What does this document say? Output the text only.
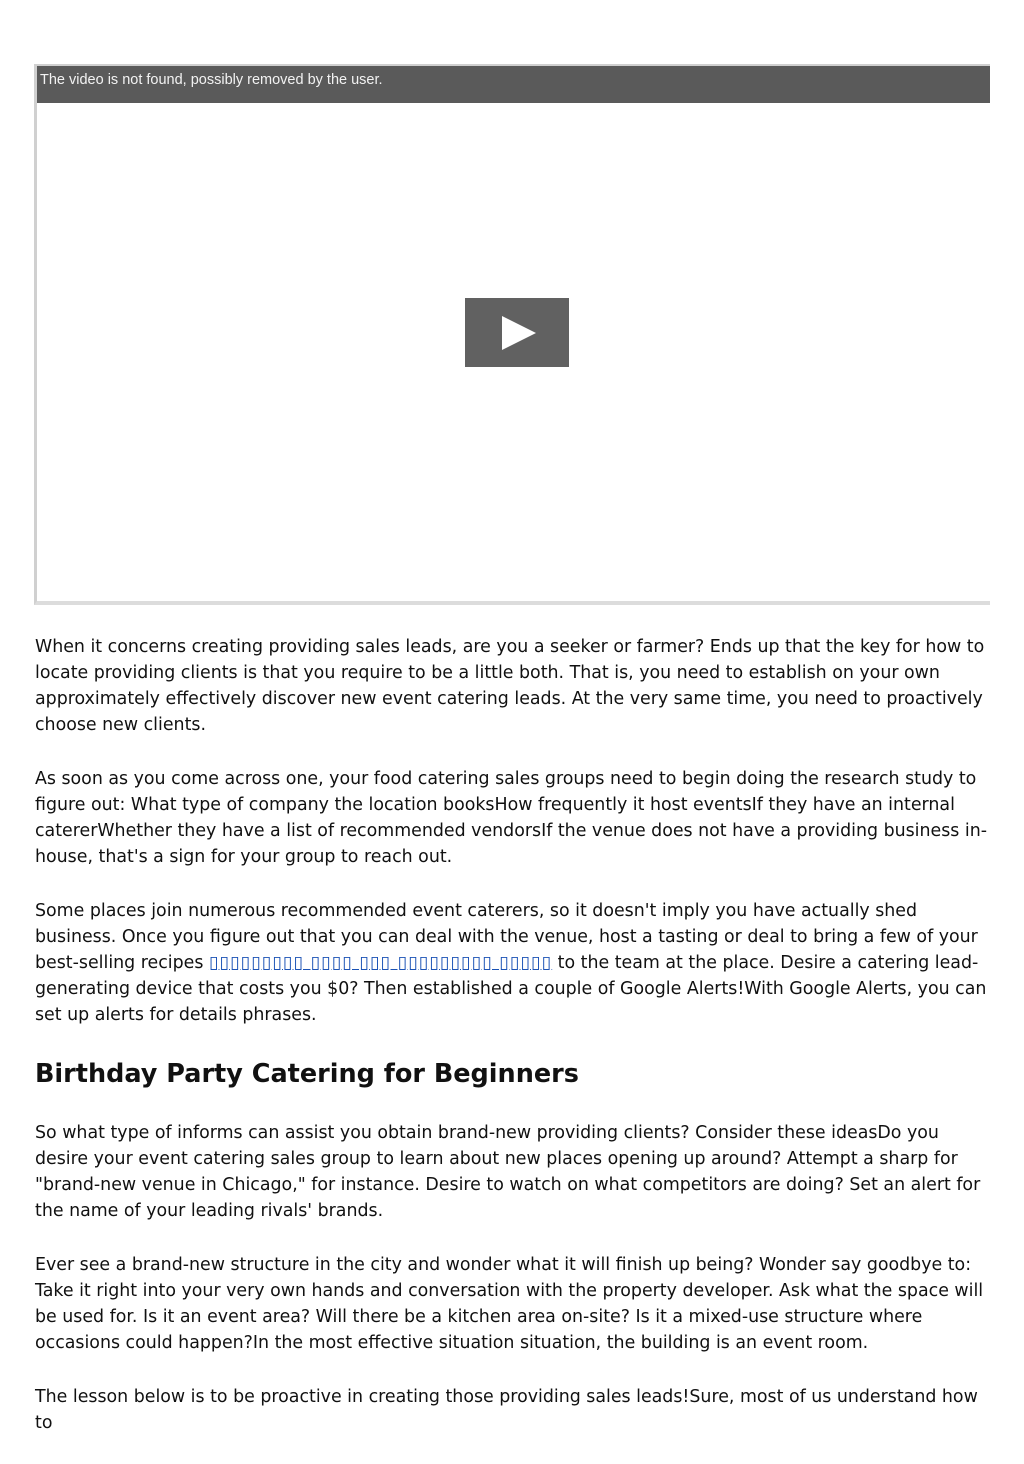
The video is not found, possibly removed by the user.

When it concerns creating providing sales leads, are you a seeker or farmer? Ends up that the key for how to locate providing clients is that you require to be a little both. That is, you need to establish on your own approximately effectively discover new event catering leads. At the very same time, you need to proactively choose new clients.

As soon as you come across one, your food catering sales groups need to begin doing the research study to figure out: What type of company the location booksHow frequently it host eventsIf they have an internal catererWhether they have a list of recommended vendorsIf the venue does not have a providing business in-house, that's a sign for your group to reach out.

Some places join numerous recommended event caterers, so it doesn't imply you have actually shed business. Once you figure out that you can deal with the venue, host a tasting or deal to bring a few of your best-selling recipes ▯▯▯▯▯▯▯▯▯ ▯▯▯▯ ▯▯▯ ▯▯▯▯▯▯▯▯▯ ▯▯▯▯▯ to the team at the place. Desire a catering lead-generating device that costs you $0? Then established a couple of Google Alerts!With Google Alerts, you can set up alerts for details phrases.

Birthday Party Catering for Beginners

So what type of informs can assist you obtain brand-new providing clients? Consider these ideasDo you desire your event catering sales group to learn about new places opening up around? Attempt a sharp for "brand-new venue in Chicago," for instance. Desire to watch on what competitors are doing? Set an alert for the name of your leading rivals' brands.

Ever see a brand-new structure in the city and wonder what it will finish up being? Wonder say goodbye to: Take it right into your very own hands and conversation with the property developer. Ask what the space will be used for. Is it an event area? Will there be a kitchen area on-site? Is it a mixed-use structure where occasions could happen?In the most effective situation situation, the building is an event room.

The lesson below is to be proactive in creating those providing sales leads!Sure, most of us understand how to
